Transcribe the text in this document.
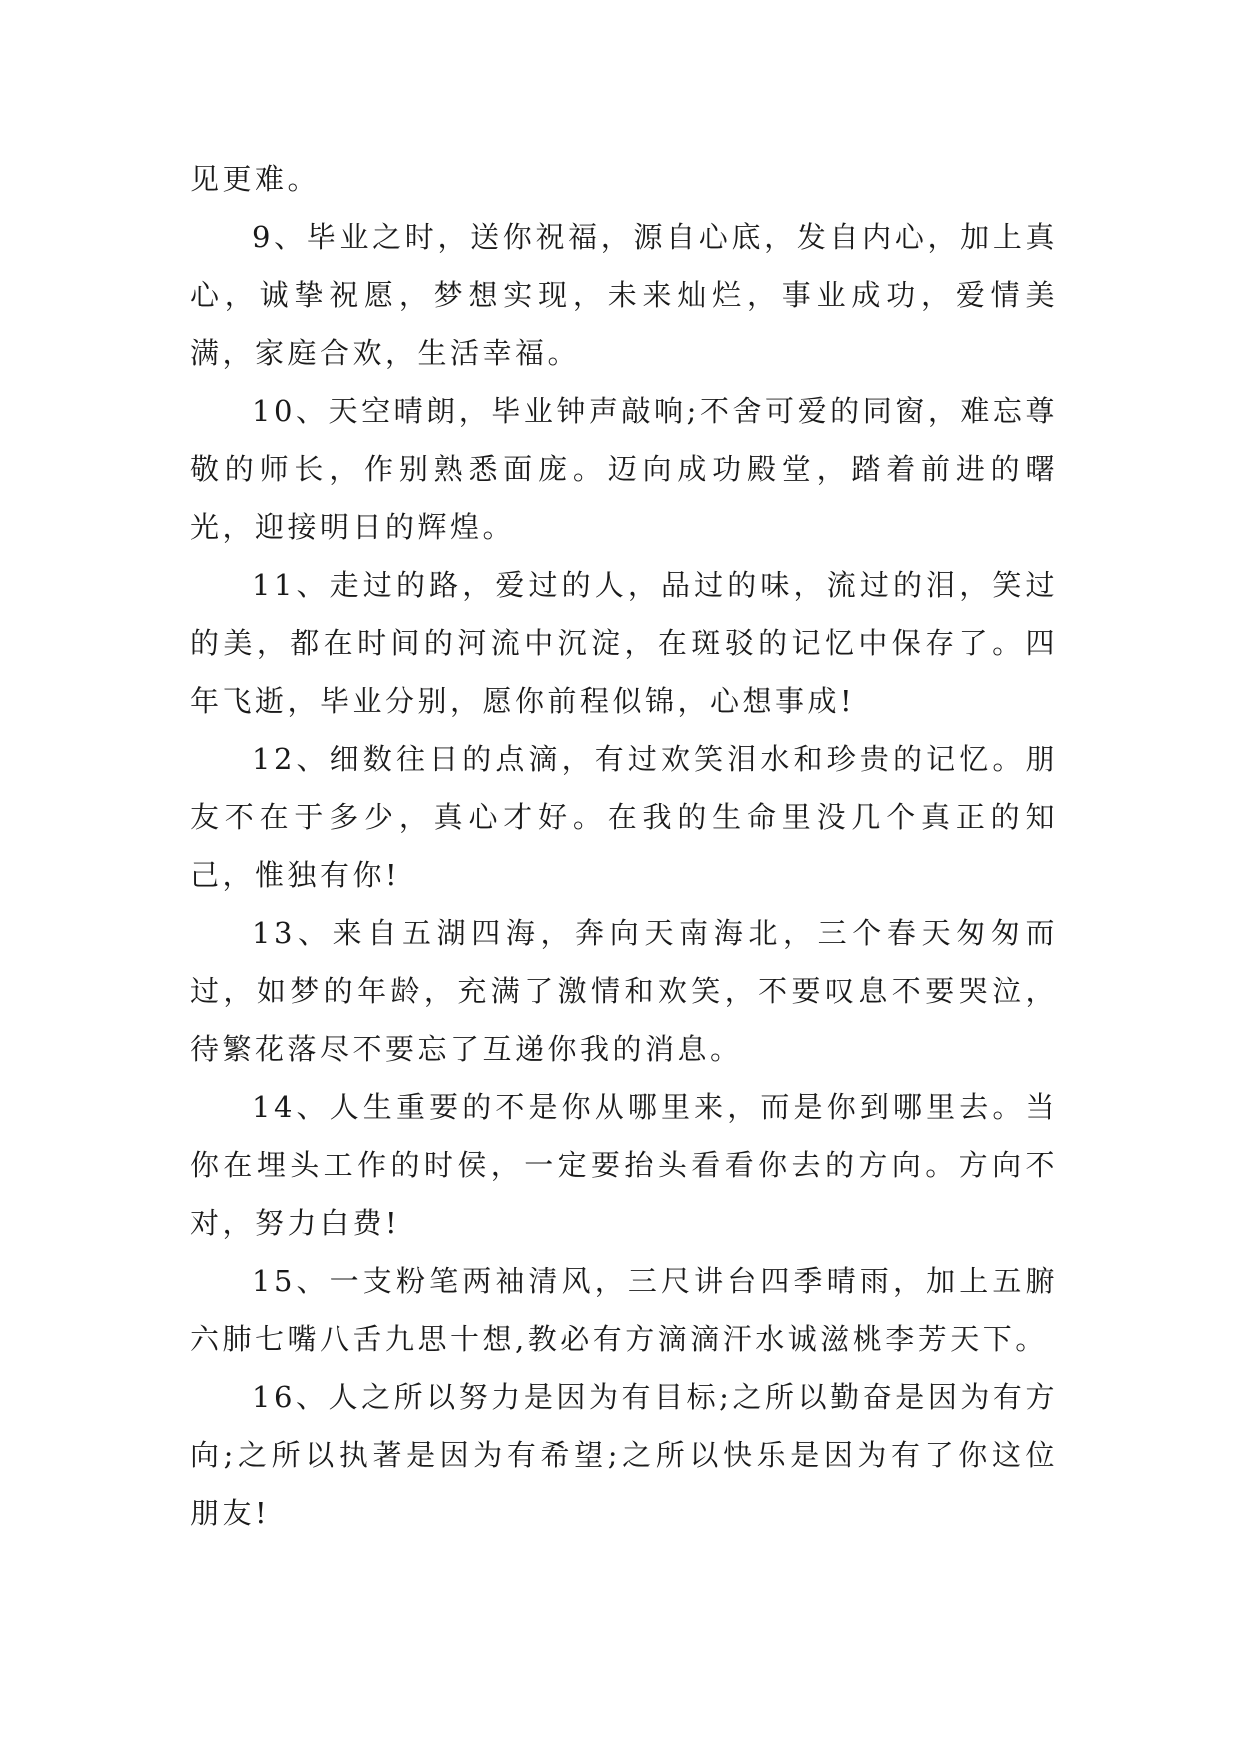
见更难。

9、毕业之时，送你祝福，源自心底，发自内心，加上真心，诚挚祝愿，梦想实现，未来灿烂，事业成功，爱情美满，家庭合欢，生活幸福。

10、天空晴朗，毕业钟声敲响;不舍可爱的同窗，难忘尊敬的师长，作别熟悉面庞。迈向成功殿堂，踏着前进的曙光，迎接明日的辉煌。

11、走过的路，爱过的人，品过的味，流过的泪，笑过的美，都在时间的河流中沉淀，在斑驳的记忆中保存了。四年飞逝，毕业分别，愿你前程似锦，心想事成!

12、细数往日的点滴，有过欢笑泪水和珍贵的记忆。朋友不在于多少，真心才好。在我的生命里没几个真正的知己，惟独有你!

13、来自五湖四海，奔向天南海北，三个春天匆匆而过，如梦的年龄，充满了激情和欢笑，不要叹息不要哭泣，待繁花落尽不要忘了互递你我的消息。

14、人生重要的不是你从哪里来，而是你到哪里去。当你在埋头工作的时侯，一定要抬头看看你去的方向。方向不对，努力白费!

15、一支粉笔两袖清风，三尺讲台四季晴雨，加上五腑六肺七嘴八舌九思十想,教必有方滴滴汗水诚滋桃李芳天下。

16、人之所以努力是因为有目标;之所以勤奋是因为有方向;之所以执著是因为有希望;之所以快乐是因为有了你这位朋友!
